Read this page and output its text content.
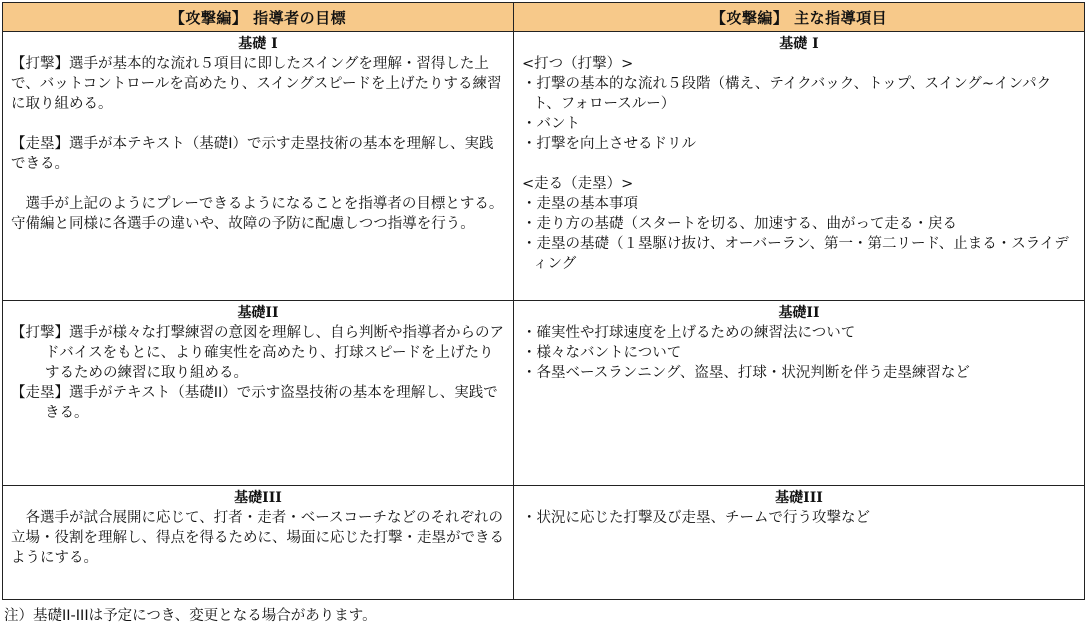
【攻撃編】 指導者の目標	【攻撃編】 主な指導項目
基礎 I
【打撃】選手が基本的な流れ５項目に即したスイングを理解・習得した上で、バットコントロールを高めたり、スイングスピードを上げたりする練習に取り組める。
【走塁】選手が本テキスト（基礎Ⅰ）で示す走塁技術の基本を理解し、実践できる。
　選手が上記のようにプレーできるようになることを指導者の目標とする。守備編と同様に各選手の違いや、故障の予防に配慮しつつ指導を行う。
基礎 I
<打つ（打撃）>
・打撃の基本的な流れ５段階（構え、テイクバック、トップ、スイング~インパクト、フォロースルー）
・バント
・打撃を向上させるドリル
<走る（走塁）>
・走塁の基本事項
・走り方の基礎（スタートを切る、加速する、曲がって走る・戻る
・走塁の基礎（１塁駆け抜け、オーバーラン、第一・第二リード、止まる・スライディング
基礎II
【打撃】選手が様々な打撃練習の意図を理解し、自ら判断や指導者からのアドバイスをもとに、より確実性を高めたり、打球スピードを上げたりするための練習に取り組める。
【走塁】選手がテキスト（基礎II）で示す盗塁技術の基本を理解し、実践できる。
基礎II
・確実性や打球速度を上げるための練習法について
・様々なバントについて
・各塁ベースランニング、盗塁、打球・状況判断を伴う走塁練習など
基礎III
　各選手が試合展開に応じて、打者・走者・ベースコーチなどのそれぞれの立場・役割を理解し、得点を得るために、場面に応じた打撃・走塁ができるようにする。
基礎III
・状況に応じた打撃及び走塁、チームで行う攻撃など
注）基礎II-IIIは予定につき、変更となる場合があります。
